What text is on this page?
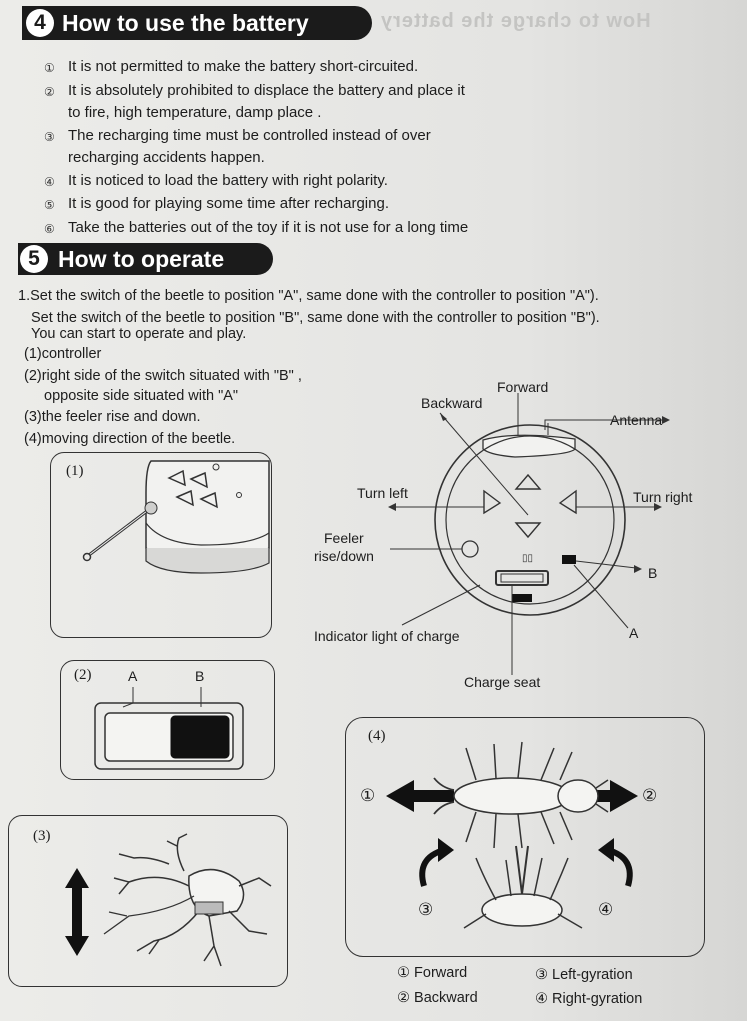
How to charge the battery
4 How to use the battery
① It is not permitted to make the battery short-circuited.
② It is absolutely prohibited to displace the battery and place it to fire, high temperature, damp place .
③ The recharging time must be controlled instead of over recharging accidents happen.
④ It is noticed to load the battery with right polarity.
⑤ It is good for playing some time after recharging.
⑥ Take the batteries out of the toy if it is not use for a long time
5 How to operate
1.Set the switch of the beetle to position "A", same done with the controller to position "A").
Set the switch of the beetle to position "B", same done with the controller to position "B").
You can start to operate and play.
(1)controller
(2)right side of the switch situated with "B" ,
opposite side situated with "A"
(3)the feeler rise and down.
(4)moving direction of the beetle.
(1)
(2)	A	B
(3)
▯▯
Forward
Backward
Antenna
Turn left	Turn right
Feeler
rise/down
B
A
Indicator light of charge
Charge seat
(4)
①	②
③	④
① Forward
② Backward
③ Left-gyration
④ Right-gyration
